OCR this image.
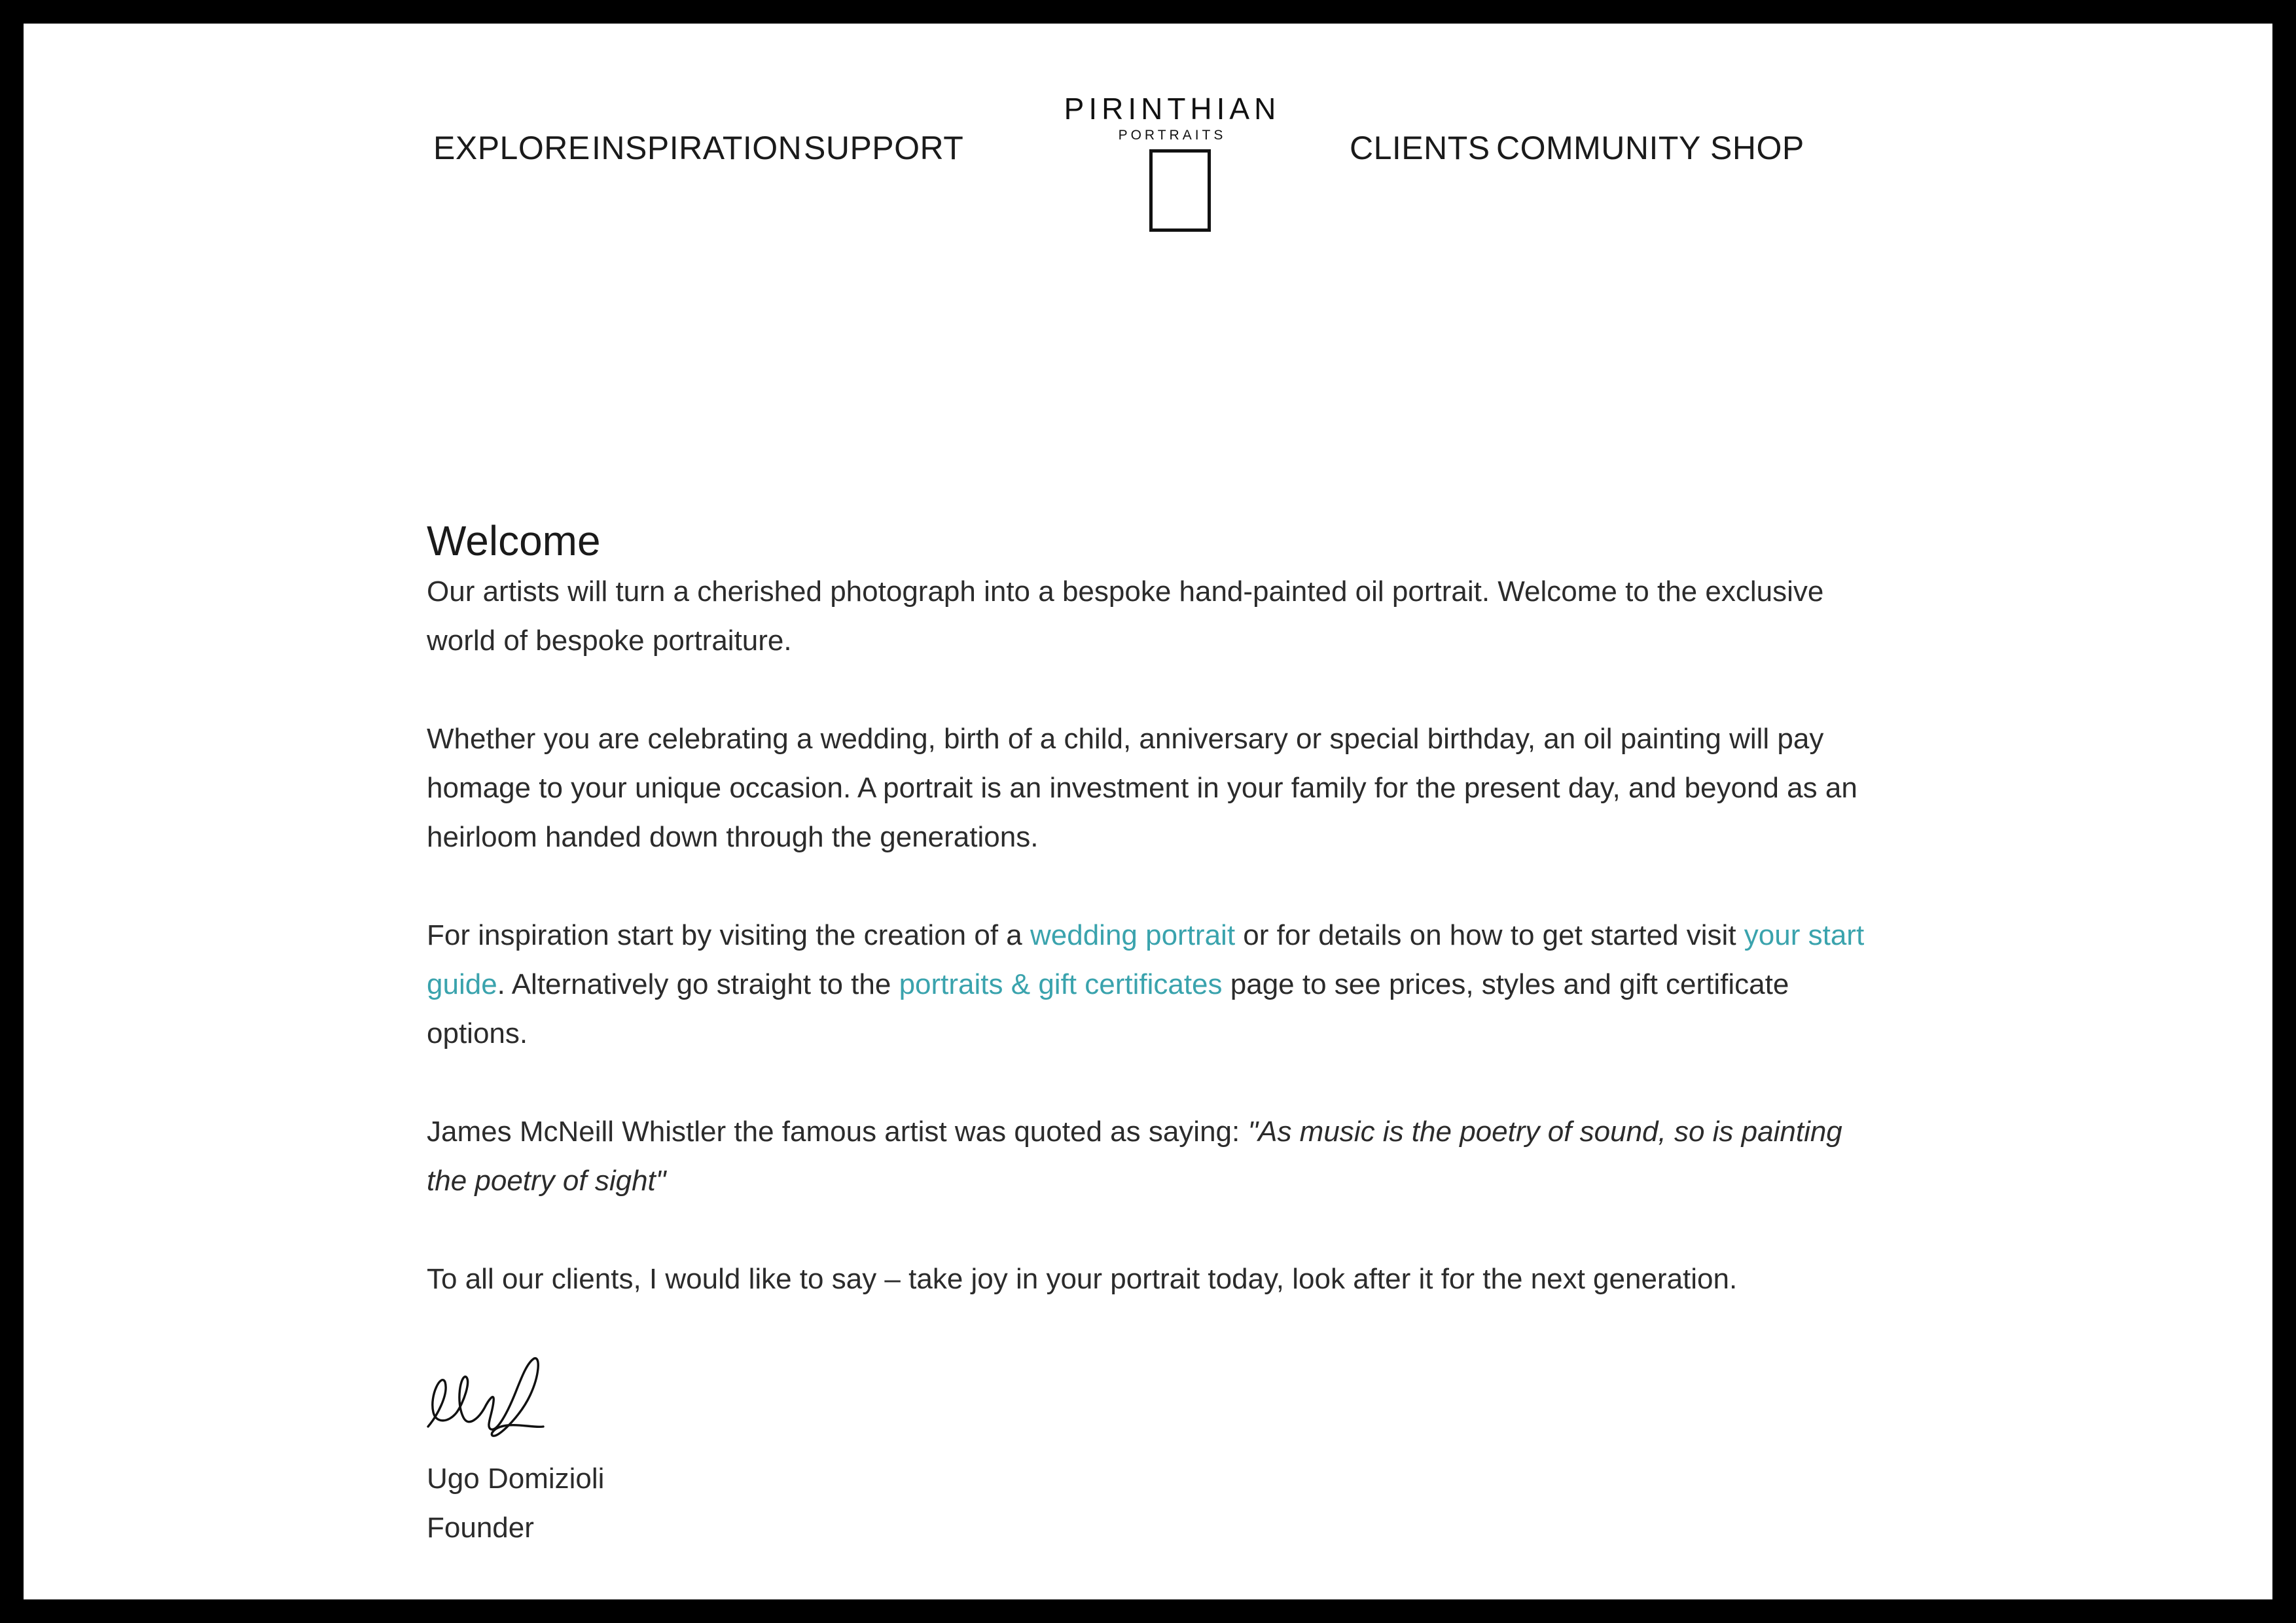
EXPLORE INSPIRATION SUPPORT
PIRINTHIAN
PORTRAITS	CLIENTS COMMUNITY SHOP
Welcome

Our artists will turn a cherished photograph into a bespoke hand-painted oil portrait. Welcome to the exclusive world of bespoke portraiture.

Whether you are celebrating a wedding, birth of a child, anniversary or special birthday, an oil painting will pay homage to your unique occasion. A portrait is an investment in your family for the present day, and beyond as an heirloom handed down through the generations.

For inspiration start by visiting the creation of a wedding portrait or for details on how to get started visit your start guide. Alternatively go straight to the portraits & gift certificates page to see prices, styles and gift certificate options.

James McNeill Whistler the famous artist was quoted as saying: "As music is the poetry of sound, so is painting the poetry of sight"

To all our clients, I would like to say – take joy in your portrait today, look after it for the next generation.

Ugo Domizioli

Founder
